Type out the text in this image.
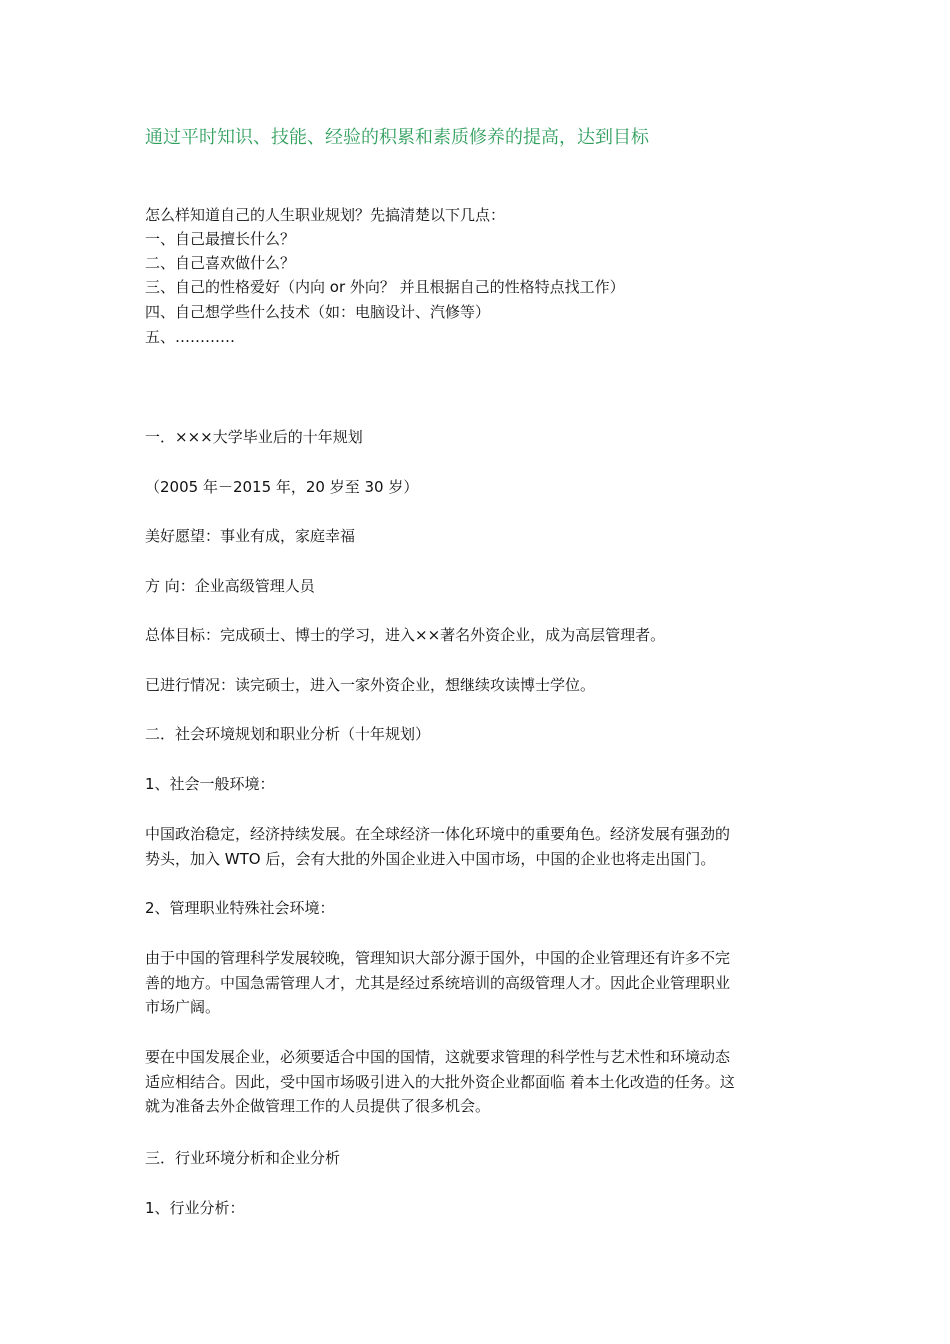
通过平时知识、技能、经验的积累和素质修养的提高，达到目标
怎么样知道自己的人生职业规划？先搞清楚以下几点：
一、自己最擅长什么？
二、自己喜欢做什么？
三、自己的性格爱好（内向 or 外向？ 并且根据自己的性格特点找工作）
四、自己想学些什么技术（如：电脑设计、汽修等）
五、…………
一．×××大学毕业后的十年规划
（2005 年－2015 年，20 岁至 30 岁）
美好愿望：事业有成，家庭幸福
方 向：企业高级管理人员
总体目标：完成硕士、博士的学习，进入××著名外资企业，成为高层管理者。
已进行情况：读完硕士，进入一家外资企业，想继续攻读博士学位。
二．社会环境规划和职业分析（十年规划）
1、社会一般环境：
中国政治稳定，经济持续发展。在全球经济一体化环境中的重要角色。经济发展有强劲的
势头，加入 WTO 后，会有大批的外国企业进入中国市场，中国的企业也将走出国门。
2、管理职业特殊社会环境：
由于中国的管理科学发展较晚，管理知识大部分源于国外，中国的企业管理还有许多不完
善的地方。中国急需管理人才，尤其是经过系统培训的高级管理人才。因此企业管理职业
市场广阔。
要在中国发展企业，必须要适合中国的国情，这就要求管理的科学性与艺术性和环境动态
适应相结合。因此，受中国市场吸引进入的大批外资企业都面临 着本土化改造的任务。这
就为准备去外企做管理工作的人员提供了很多机会。
三．行业环境分析和企业分析
1、行业分析：
